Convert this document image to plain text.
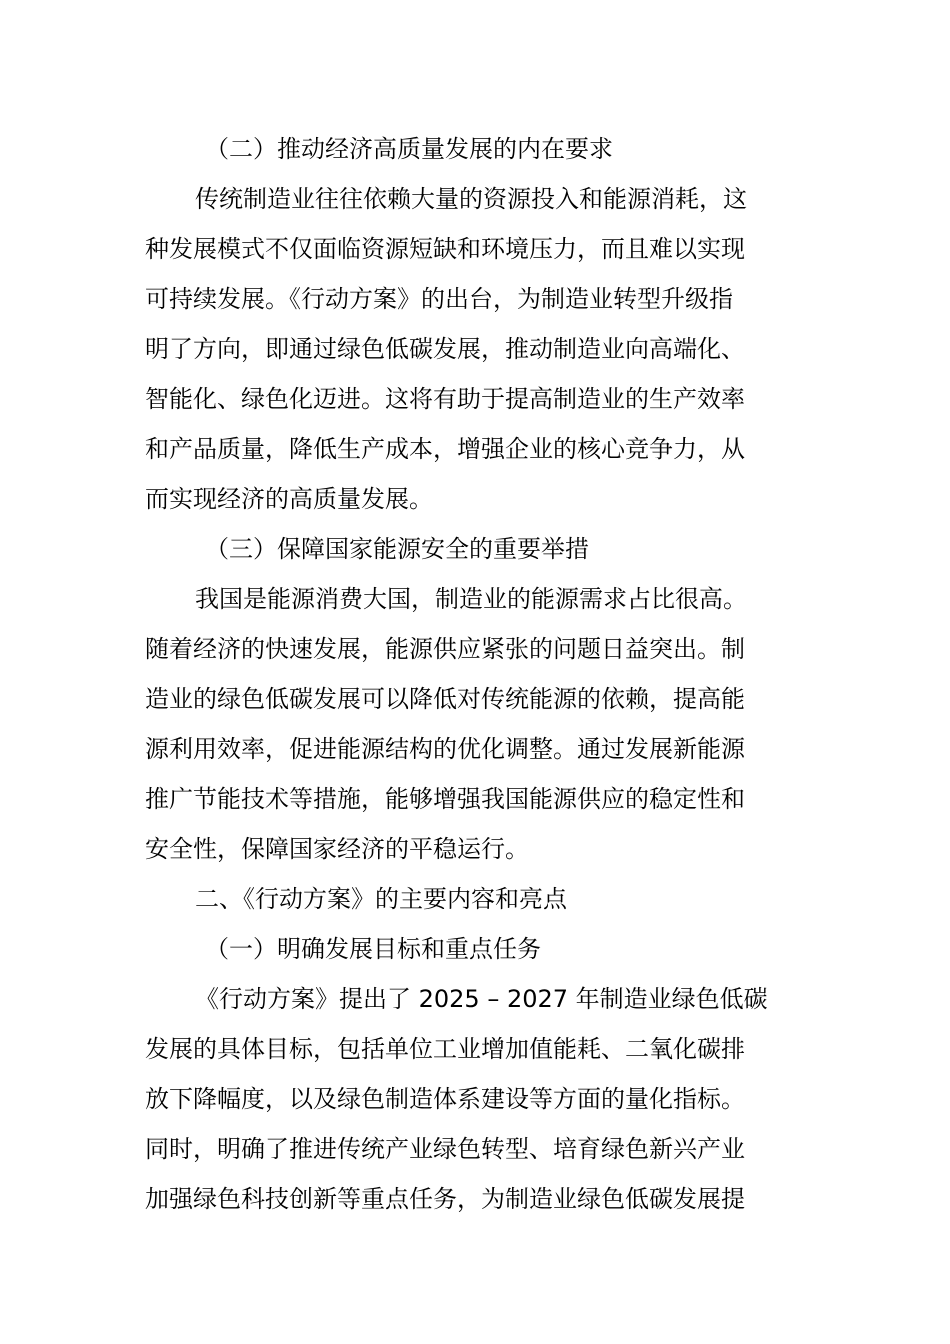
（二）推动经济高质量发展的内在要求
传统制造业往往依赖大量的资源投入和能源消耗，这
种发展模式不仅面临资源短缺和环境压力，而且难以实现
可持续发展。《行动方案》的出台，为制造业转型升级指
明了方向，即通过绿色低碳发展，推动制造业向高端化、
智能化、绿色化迈进。这将有助于提高制造业的生产效率
和产品质量，降低生产成本，增强企业的核心竞争力，从
而实现经济的高质量发展。
（三）保障国家能源安全的重要举措
我国是能源消费大国，制造业的能源需求占比很高。
随着经济的快速发展，能源供应紧张的问题日益突出。制
造业的绿色低碳发展可以降低对传统能源的依赖，提高能
源利用效率，促进能源结构的优化调整。通过发展新能源
推广节能技术等措施，能够增强我国能源供应的稳定性和
安全性，保障国家经济的平稳运行。
二、《行动方案》的主要内容和亮点
（一）明确发展目标和重点任务
《行动方案》提出了 2025 – 2027 年制造业绿色低碳
发展的具体目标，包括单位工业增加值能耗、二氧化碳排
放下降幅度，以及绿色制造体系建设等方面的量化指标。
同时，明确了推进传统产业绿色转型、培育绿色新兴产业
加强绿色科技创新等重点任务，为制造业绿色低碳发展提
